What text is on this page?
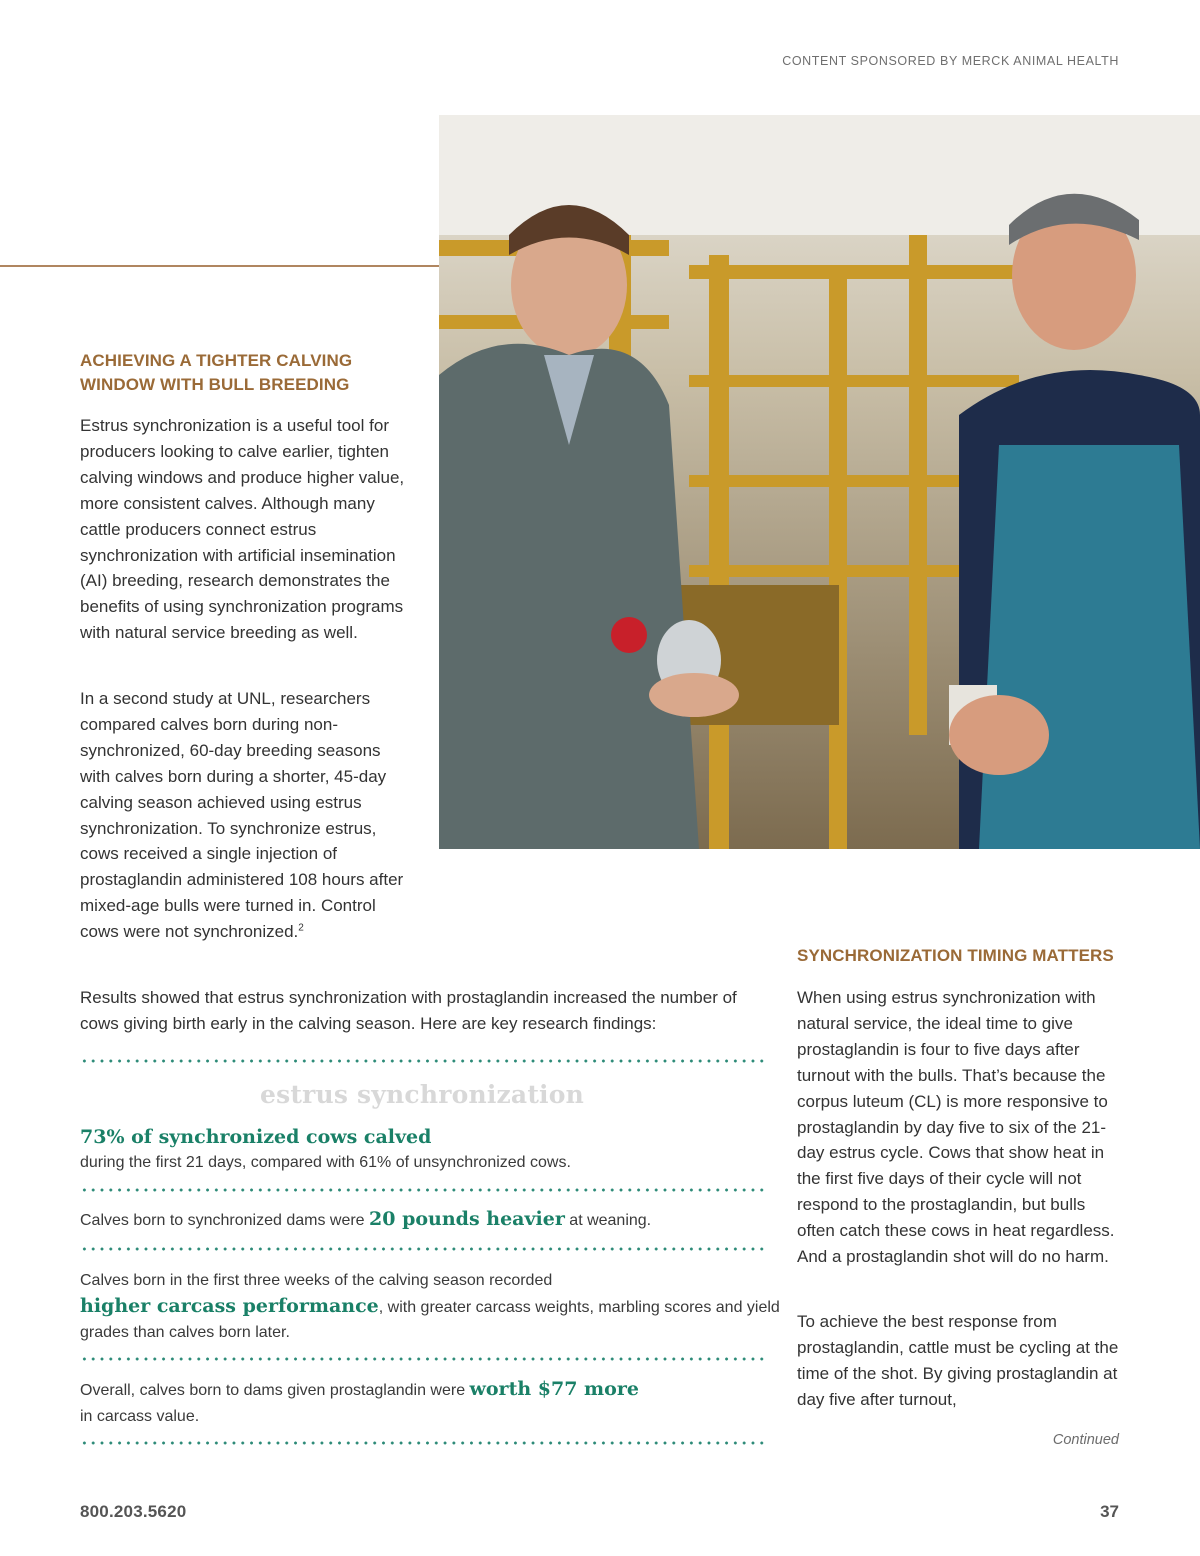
CONTENT SPONSORED BY MERCK ANIMAL HEALTH
ACHIEVING A TIGHTER CALVING
WINDOW WITH BULL BREEDING
Estrus synchronization is a useful tool for producers looking to calve earlier, tighten calving windows and produce higher value, more consistent calves. Although many cattle producers connect estrus synchronization with artificial insemination (AI) breeding, research demonstrates the benefits of using synchronization programs with natural service breeding as well.
In a second study at UNL, researchers compared calves born during non-synchronized, 60-day breeding seasons with calves born during a shorter, 45-day calving season achieved using estrus synchronization. To synchronize estrus, cows received a single injection of prostaglandin administered 108 hours after mixed-age bulls were turned in. Control cows were not synchronized.$^2$
Results showed that estrus synchronization with prostaglandin increased the number of cows giving birth early in the calving season. Here are key research findings:
estrus synchronization
73% of synchronized cows calved
during the first 21 days, compared with 61% of unsynchronized cows.
Calves born to synchronized dams were 20 pounds heavier at weaning.
Calves born in the first three weeks of the calving season recorded
higher carcass performance, with greater carcass weights, marbling scores and yield grades than calves born later.
Overall, calves born to dams given prostaglandin were worth $77 more
in carcass value.
SYNCHRONIZATION TIMING MATTERS
When using estrus synchronization with natural service, the ideal time to give prostaglandin is four to five days after turnout with the bulls. That’s because the corpus luteum (CL) is more responsive to prostaglandin by day five to six of the 21-day estrus cycle. Cows that show heat in the first five days of their cycle will not respond to the prostaglandin, but bulls often catch these cows in heat regardless. And a prostaglandin shot will do no harm.
To achieve the best response from prostaglandin, cattle must be cycling at the time of the shot. By giving prostaglandin at day five after turnout,
Continued
800.203.5620	37
